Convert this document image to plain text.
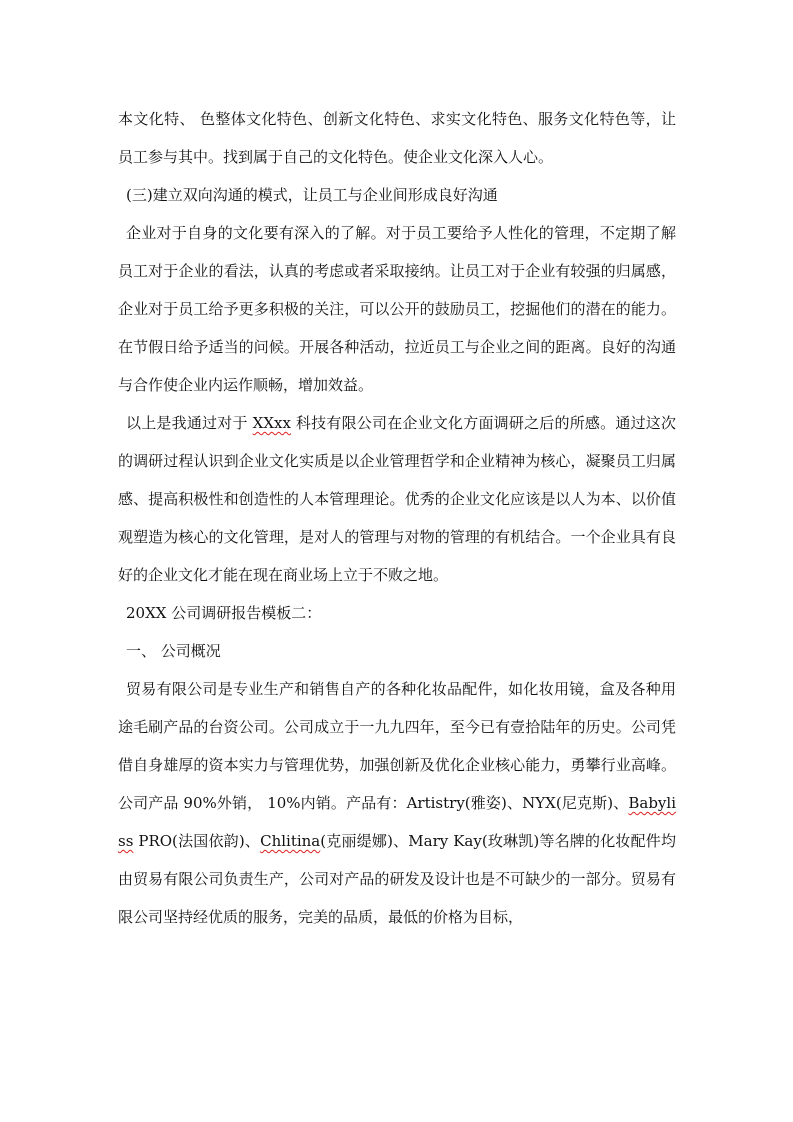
本文化特、 色整体文化特色、创新文化特色、求实文化特色、服务文化特色等，让员工参与其中。找到属于自己的文化特色。使企业文化深入人心。

(三)建立双向沟通的模式，让员工与企业间形成良好沟通

企业对于自身的文化要有深入的了解。对于员工要给予人性化的管理，不定期了解员工对于企业的看法，认真的考虑或者采取接纳。让员工对于企业有较强的归属感，企业对于员工给予更多积极的关注，可以公开的鼓励员工，挖掘他们的潜在的能力。在节假日给予适当的问候。开展各种活动，拉近员工与企业之间的距离。良好的沟通与合作使企业内运作顺畅，增加效益。

以上是我通过对于 XXxx 科技有限公司在企业文化方面调研之后的所感。通过这次的调研过程认识到企业文化实质是以企业管理哲学和企业精神为核心，凝聚员工归属感、提高积极性和创造性的人本管理理论。优秀的企业文化应该是以人为本、以价值观塑造为核心的文化管理，是对人的管理与对物的管理的有机结合。一个企业具有良好的企业文化才能在现在商业场上立于不败之地。

20XX 公司调研报告模板二：

一、 公司概况

贸易有限公司是专业生产和销售自产的各种化妆品配件，如化妆用镜，盒及各种用途毛刷产品的台资公司。公司成立于一九九四年，至今已有壹拾陆年的历史。公司凭借自身雄厚的资本实力与管理优势，加强创新及优化企业核心能力，勇攀行业高峰。公司产品 90%外销， 10%内销。产品有：Artistry(雅姿)、NYX(尼克斯)、Babyliss PRO(法国依韵)、Chlitina(克丽缇娜)、Mary Kay(玫琳凯)等名牌的化妆配件均由贸易有限公司负责生产，公司对产品的研发及设计也是不可缺少的一部分。贸易有限公司坚持经优质的服务，完美的品质，最低的价格为目标，
